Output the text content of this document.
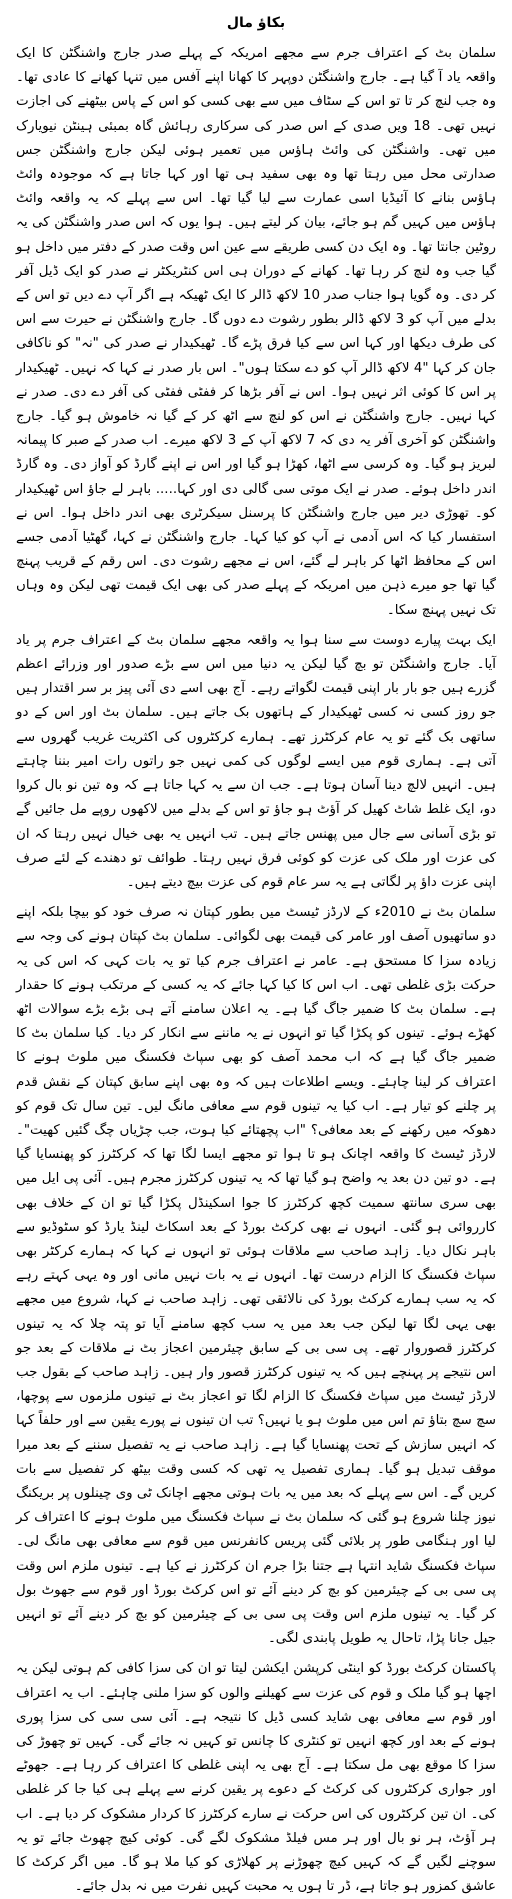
بکاؤ مال

سلمان بٹ کے اعتراف جرم سے مجھے امریکہ کے پہلے صدر جارج واشنگٹن کا ایک واقعہ یاد آ گیا ہے۔ جارج واشنگٹن دوپہر کا کھانا اپنے آفس میں تنہا کھانے کا عادی تھا۔ وہ جب لنچ کر تا تو اس کے سٹاف میں سے بھی کسی کو اس کے پاس بیٹھنے کی اجازت نہیں تھی۔ 18 ویں صدی کے اس صدر کی سرکاری رہائش گاہ بمبئی ہینٹن نیویارک میں تھی۔ واشنگٹن کی وائٹ ہاؤس میں تعمیر ہوئی لیکن جارج واشنگٹن جس صدارتی محل میں رہتا تھا وہ بھی سفید ہی تھا اور کہا جاتا ہے کہ موجودہ وائٹ ہاؤس بنانے کا آئیڈیا اسی عمارت سے لیا گیا تھا۔ اس سے پہلے کہ یہ واقعہ وائٹ ہاؤس میں کہیں گم ہو جائے، بیان کر لیتے ہیں۔ ہوا یوں کہ اس صدر واشنگٹن کی یہ روٹین جانتا تھا۔ وہ ایک دن کسی طریقے سے عین اس وقت صدر کے دفتر میں داخل ہو گیا جب وہ لنچ کر رہا تھا۔ کھانے کے دوران ہی اس کنٹریکٹر نے صدر کو ایک ڈیل آفر کر دی۔ وہ گویا ہوا جناب صدر 10 لاکھ ڈالر کا ایک ٹھیکہ ہے اگر آپ دے دیں تو اس کے بدلے میں آپ کو 3 لاکھ ڈالر بطور رشوت دے دوں گا۔ جارج واشنگٹن نے حیرت سے اس کی طرف دیکھا اور کہا اس سے کیا فرق پڑے گا۔ ٹھیکیدار نے صدر کی "نہ" کو ناکافی جان کر کہا "4 لاکھ ڈالر آپ کو دے سکتا ہوں"۔ اس بار صدر نے کہا کہ نہیں۔ ٹھیکیدار پر اس کا کوئی اثر نہیں ہوا۔ اس نے آفر بڑھا کر ففٹی ففٹی کی آفر دے دی۔ صدر نے کہا نہیں۔ جارج واشنگٹن نے اس کو لنچ سے اٹھ کر کے گیا نہ خاموش ہو گیا۔ جارج واشنگٹن کو آخری آفر یہ دی کہ 7 لاکھ آپ کے 3 لاکھ میرے۔ اب صدر کے صبر کا پیمانہ لبریز ہو گیا۔ وہ کرسی سے اٹھا، کھڑا ہو گیا اور اس نے اپنے گارڈ کو آواز دی۔ وہ گارڈ اندر داخل ہوئے۔ صدر نے ایک موتی سی گالی دی اور کہا..... باہر لے جاؤ اس ٹھیکیدار کو۔ تھوڑی دیر میں جارج واشنگٹن کا پرسنل سیکرٹری بھی اندر داخل ہوا۔ اس نے استفسار کیا کہ اس آدمی نے آپ کو کیا کہا۔ جارج واشنگٹن نے کہا، گھٹیا آدمی جسے اس کے محافظ اٹھا کر باہر لے گئے، اس نے مجھے رشوت دی۔ اس رقم کے قریب پہنچ گیا تھا جو میرے ذہن میں امریکہ کے پہلے صدر کی بھی ایک قیمت تھی لیکن وہ وہاں تک نہیں پہنچ سکا۔

ایک بہت پیارے دوست سے سنا ہوا یہ واقعہ مجھے سلمان بٹ کے اعتراف جرم پر یاد آیا۔ جارج واشنگٹن تو بچ گیا لیکن یہ دنیا میں اس سے بڑے صدور اور وزرائے اعظم گزرے ہیں جو بار بار اپنی قیمت لگواتے رہے۔ آج بھی اسے دی آئی پیز بر سر اقتدار ہیں جو روز کسی نہ کسی ٹھیکیدار کے ہاتھوں بک جاتے ہیں۔ سلمان بٹ اور اس کے دو ساتھی بک گئے تو یہ عام کرکٹرز تھے۔ ہمارے کرکٹروں کی اکثریت غریب گھروں سے آتی ہے۔ ہماری قوم میں ایسے لوگوں کی کمی نہیں جو راتوں رات امیر بننا چاہتے ہیں۔ انہیں لالچ دینا آسان ہوتا ہے۔ جب ان سے یہ کہا جاتا ہے کہ وہ تین نو بال کروا دو، ایک غلط شاٹ کھیل کر آؤٹ ہو جاؤ تو اس کے بدلے میں لاکھوں روپے مل جائیں گے تو بڑی آسانی سے جال میں پھنس جاتے ہیں۔ تب انہیں یہ بھی خیال نہیں رہتا کہ ان کی عزت اور ملک کی عزت کو کوئی فرق نہیں رہتا۔ طوائف تو دھندے کے لئے صرف اپنی عزت داؤ پر لگاتی ہے یہ سر عام قوم کی عزت بیچ دیتے ہیں۔

سلمان بٹ نے 2010ء کے لارڈز ٹیسٹ میں بطور کپتان نہ صرف خود کو بیچا بلکہ اپنے دو ساتھیوں آصف اور عامر کی قیمت بھی لگوائی۔ سلمان بٹ کپتان ہونے کی وجہ سے زیادہ سزا کا مستحق ہے۔ عامر نے اعتراف جرم کیا تو یہ بات کہی کہ اس کی یہ حرکت بڑی غلطی تھی۔ اب اس کا کیا کہا جائے کہ یہ کسی کے مرتکب ہونے کا حقدار ہے۔ سلمان بٹ کا ضمیر جاگ گیا ہے۔ یہ اعلان سامنے آتے ہی بڑے بڑے سوالات اٹھ کھڑے ہوئے۔ تینوں کو پکڑا گیا تو انہوں نے یہ ماننے سے انکار کر دیا۔ کیا سلمان بٹ کا ضمیر جاگ گیا ہے کہ اب محمد آصف کو بھی سپاٹ فکسنگ میں ملوث ہونے کا اعتراف کر لینا چاہئے۔ ویسے اطلاعات ہیں کہ وہ بھی اپنے سابق کپتان کے نقش قدم پر چلنے کو تیار ہے۔ اب کیا یہ تینوں قوم سے معافی مانگ لیں۔ تین سال تک قوم کو دھوکہ میں رکھنے کے بعد معافی؟ "اب پچھتائے کیا ہوت، جب چڑیاں چگ گئیں کھیت"۔ لارڈز ٹیسٹ کا واقعہ اچانک ہو تا ہوا تو مجھے ایسا لگا تھا کہ کرکٹرز کو پھنسایا گیا ہے۔ دو تین دن بعد یہ واضح ہو گیا تھا کہ یہ تینوں کرکٹرز مجرم ہیں۔ آئی پی ایل میں بھی سری سانتھ سمیت کچھ کرکٹرز کا جوا اسکینڈل پکڑا گیا تو ان کے خلاف بھی کارروائی ہو گئی۔ انہوں نے بھی کرکٹ بورڈ کے بعد اسکاٹ لینڈ یارڈ کو سٹوڈیو سے باہر نکال دیا۔ زاہد صاحب سے ملاقات ہوئی تو انہوں نے کہا کہ ہمارے کرکٹر بھی سپاٹ فکسنگ کا الزام درست تھا۔ انہوں نے یہ بات نہیں مانی اور وہ یہی کہتے رہے کہ یہ سب ہمارے کرکٹ بورڈ کی نالائقی تھی۔ زاہد صاحب نے کہا، شروع میں مجھے بھی یہی لگا تھا لیکن جب بعد میں یہ سب کچھ سامنے آیا تو پتہ چلا کہ یہ تینوں کرکٹرز قصوروار تھے۔ پی سی بی کے سابق چیئرمین اعجاز بٹ نے ملاقات کے بعد جو اس نتیجے پر پہنچے ہیں کہ یہ تینوں کرکٹرز قصور وار ہیں۔ زاہد صاحب کے بقول جب لارڈز ٹیسٹ میں سپاٹ فکسنگ کا الزام لگا تو اعجاز بٹ نے تینوں ملزموں سے پوچھا، سچ سچ بتاؤ تم اس میں ملوث ہو یا نہیں؟ تب ان تینوں نے پورے یقین سے اور حلفاً کہا کہ انہیں سازش کے تحت پھنسایا گیا ہے۔ زاہد صاحب نے یہ تفصیل سننے کے بعد میرا موقف تبدیل ہو گیا۔ ہماری تفصیل یہ تھی کہ کسی وقت بیٹھ کر تفصیل سے بات کریں گے۔ اس سے پہلے کہ بعد میں یہ بات ہوتی مجھے اچانک ٹی وی چینلوں پر بریکنگ نیوز چلنا شروع ہو گئی کہ سلمان بٹ نے سپاٹ فکسنگ میں ملوث ہونے کا اعتراف کر لیا اور ہنگامی طور پر بلائی گئی پریس کانفرنس میں قوم سے معافی بھی مانگ لی۔ سپاٹ فکسنگ شاید انتہا ہے جتنا بڑا جرم ان کرکٹرز نے کیا ہے۔ تینوں ملزم اس وقت پی سی بی کے چیئرمین کو بچ کر دینے آئے تو اس کرکٹ بورڈ اور قوم سے جھوٹ بول کر گیا۔ یہ تینوں ملزم اس وقت پی سی بی کے چیئرمین کو بچ کر دینے آئے تو انہیں جیل جانا پڑا، تاحال یہ طویل پابندی لگی۔

پاکستان کرکٹ بورڈ کو اینٹی کرپشن ایکشن لیتا تو ان کی سزا کافی کم ہوتی لیکن یہ اچھا ہو گیا ملک و قوم کی عزت سے کھیلنے والوں کو سزا ملنی چاہئے۔ اب یہ اعتراف اور قوم سے معافی بھی شاید کسی ڈیل کا نتیجہ ہے۔ آئی سی سی کی سزا پوری ہونے کے بعد اور کچھ انہیں تو کنٹری کا چانس تو کہیں نہ جائے گی۔ کہیں تو چھوڑ کی سزا کا موقع بھی مل سکتا ہے۔ آج بھی یہ اپنی غلطی کا اعتراف کر رہا ہے۔ جھوٹے اور جواری کرکٹروں کی کرکٹ کے دعوے پر یقین کرنے سے پہلے ہی کیا جا کر غلطی کی۔ ان تین کرکٹروں کی اس حرکت نے سارے کرکٹرز کا کردار مشکوک کر دیا ہے۔ اب ہر آؤٹ، ہر نو بال اور ہر مس فیلڈ مشکوک لگے گی۔ کوئی کیچ چھوٹ جائے تو یہ سوچنے لگیں گے کہ کہیں کیچ چھوڑنے پر کھلاڑی کو کیا ملا ہو گا۔ میں اگر کرکٹ کا عاشق کمزور ہو جاتا ہے، ڈر تا ہوں یہ محبت کہیں نفرت میں نہ بدل جائے۔
